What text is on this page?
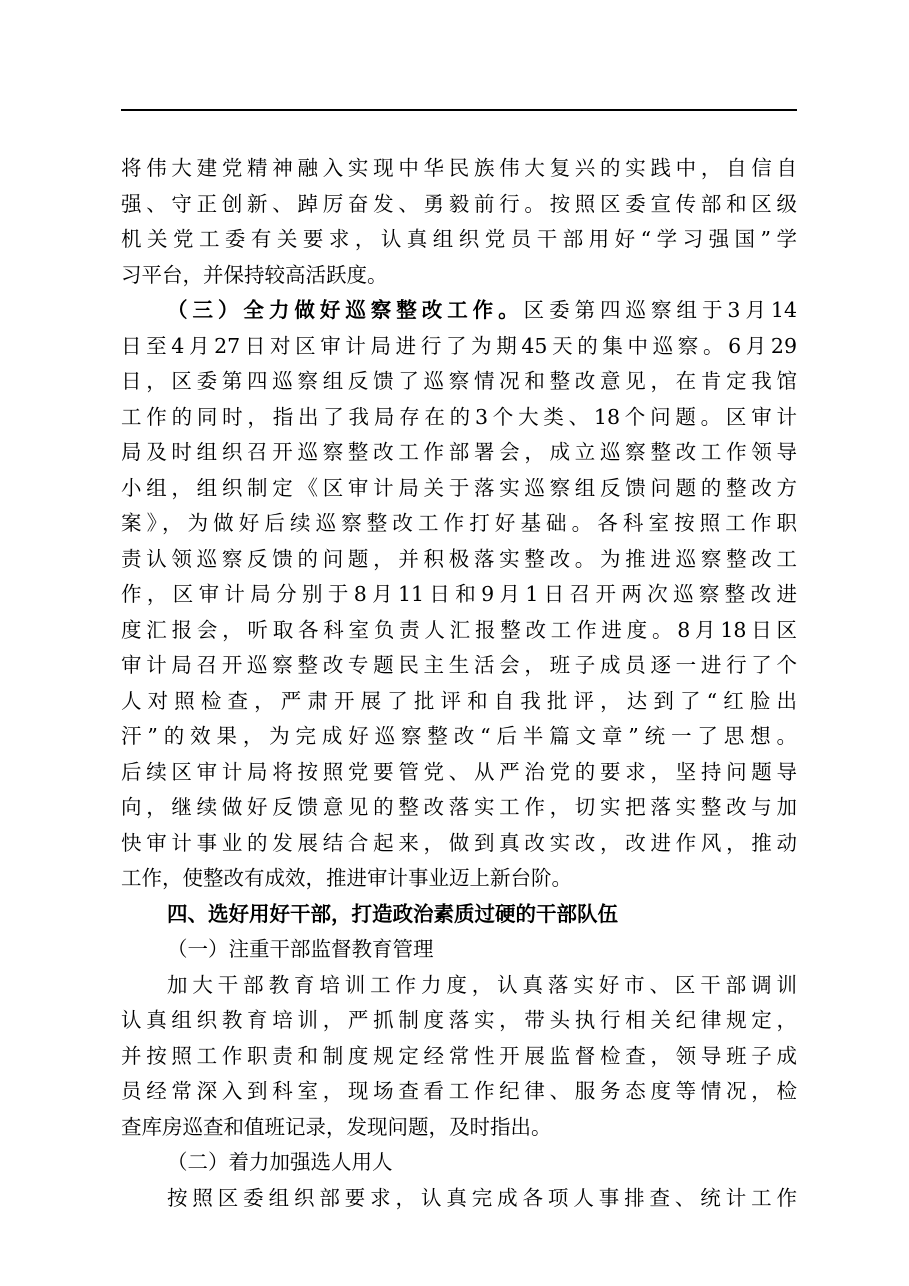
将伟大建党精神融入实现中华民族伟大复兴的实践中，自信自
强、守正创新、踔厉奋发、勇毅前行。按照区委宣传部和区级
机关党工委有关要求，认真组织党员干部用好“学习强国”学
习平台，并保持较高活跃度。
（三）全力做好巡察整改工作。区委第四巡察组于3月14
日至4月27日对区审计局进行了为期45天的集中巡察。6月29
日，区委第四巡察组反馈了巡察情况和整改意见，在肯定我馆
工作的同时，指出了我局存在的3个大类、18个问题。区审计
局及时组织召开巡察整改工作部署会，成立巡察整改工作领导
小组，组织制定《区审计局关于落实巡察组反馈问题的整改方
案》，为做好后续巡察整改工作打好基础。各科室按照工作职
责认领巡察反馈的问题，并积极落实整改。为推进巡察整改工
作，区审计局分别于8月11日和9月1日召开两次巡察整改进
度汇报会，听取各科室负责人汇报整改工作进度。8月18日区
审计局召开巡察整改专题民主生活会，班子成员逐一进行了个
人对照检查，严肃开展了批评和自我批评，达到了“红脸出
汗”的效果，为完成好巡察整改“后半篇文章”统一了思想。
后续区审计局将按照党要管党、从严治党的要求，坚持问题导
向，继续做好反馈意见的整改落实工作，切实把落实整改与加
快审计事业的发展结合起来，做到真改实改，改进作风，推动
工作，使整改有成效，推进审计事业迈上新台阶。
四、选好用好干部，打造政治素质过硬的干部队伍
（一）注重干部监督教育管理
加大干部教育培训工作力度，认真落实好市、区干部调训
认真组织教育培训，严抓制度落实，带头执行相关纪律规定，
并按照工作职责和制度规定经常性开展监督检查，领导班子成
员经常深入到科室，现场查看工作纪律、服务态度等情况，检
查库房巡查和值班记录，发现问题，及时指出。
（二）着力加强选人用人
按照区委组织部要求，认真完成各项人事排查、统计工作
